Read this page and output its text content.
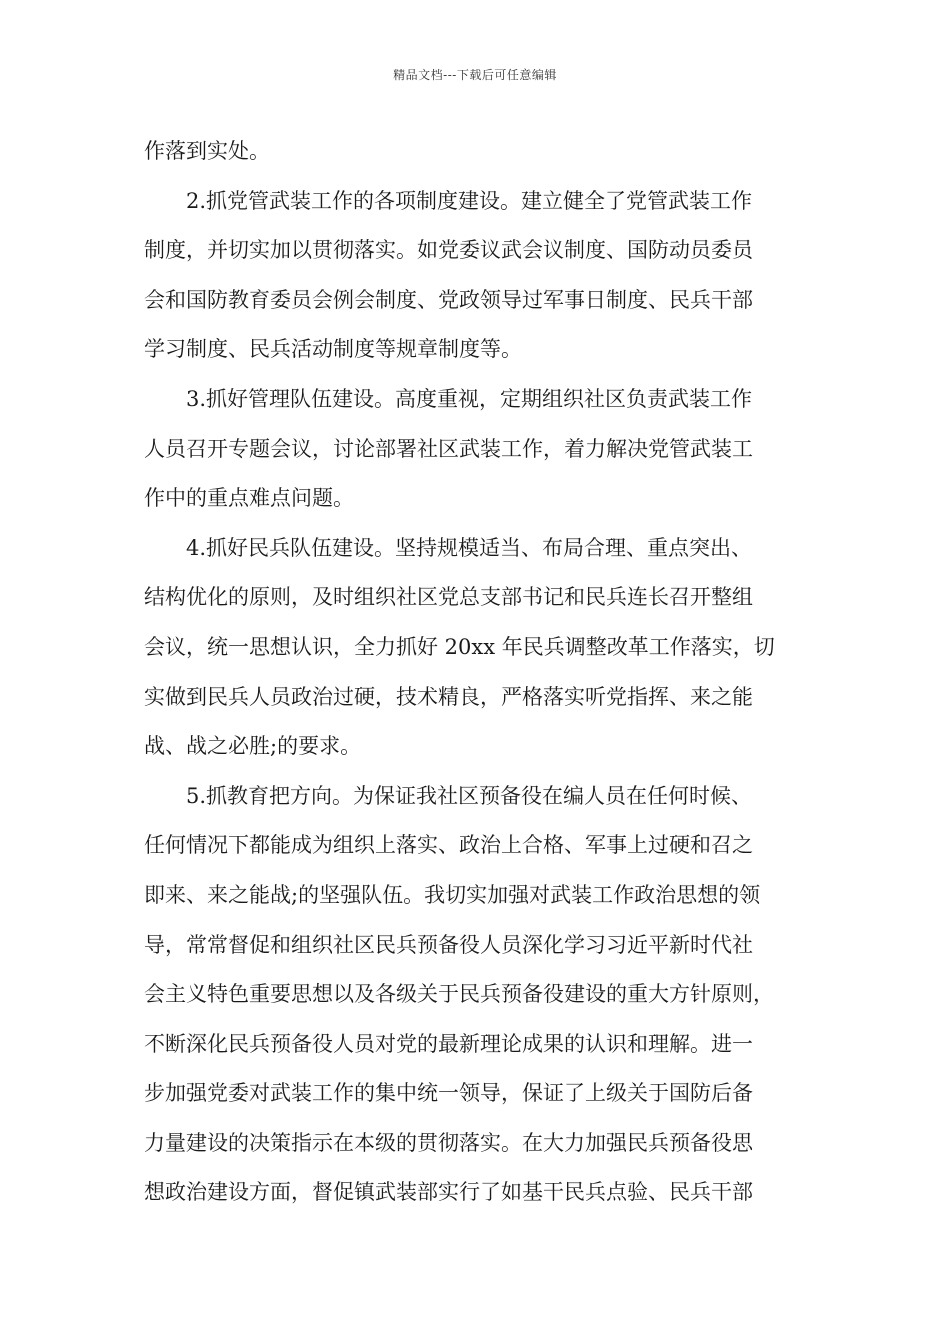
精品文档---下载后可任意编辑
作落到实处。
2.抓党管武装工作的各项制度建设。建立健全了党管武装工作
制度，并切实加以贯彻落实。如党委议武会议制度、国防动员委员
会和国防教育委员会例会制度、党政领导过军事日制度、民兵干部
学习制度、民兵活动制度等规章制度等。
3.抓好管理队伍建设。高度重视，定期组织社区负责武装工作
人员召开专题会议，讨论部署社区武装工作，着力解决党管武装工
作中的重点难点问题。
4.抓好民兵队伍建设。坚持规模适当、布局合理、重点突出、
结构优化的原则，及时组织社区党总支部书记和民兵连长召开整组
会议，统一思想认识，全力抓好 20xx 年民兵调整改革工作落实，切
实做到民兵人员政治过硬，技术精良，严格落实听党指挥、来之能
战、战之必胜;的要求。
5.抓教育把方向。为保证我社区预备役在编人员在任何时候、
任何情况下都能成为组织上落实、政治上合格、军事上过硬和召之
即来、来之能战;的坚强队伍。我切实加强对武装工作政治思想的领
导，常常督促和组织社区民兵预备役人员深化学习习近平新时代社
会主义特色重要思想以及各级关于民兵预备役建设的重大方针原则，
不断深化民兵预备役人员对党的最新理论成果的认识和理解。进一
步加强党委对武装工作的集中统一领导，保证了上级关于国防后备
力量建设的决策指示在本级的贯彻落实。在大力加强民兵预备役思
想政治建设方面，督促镇武装部实行了如基干民兵点验、民兵干部
